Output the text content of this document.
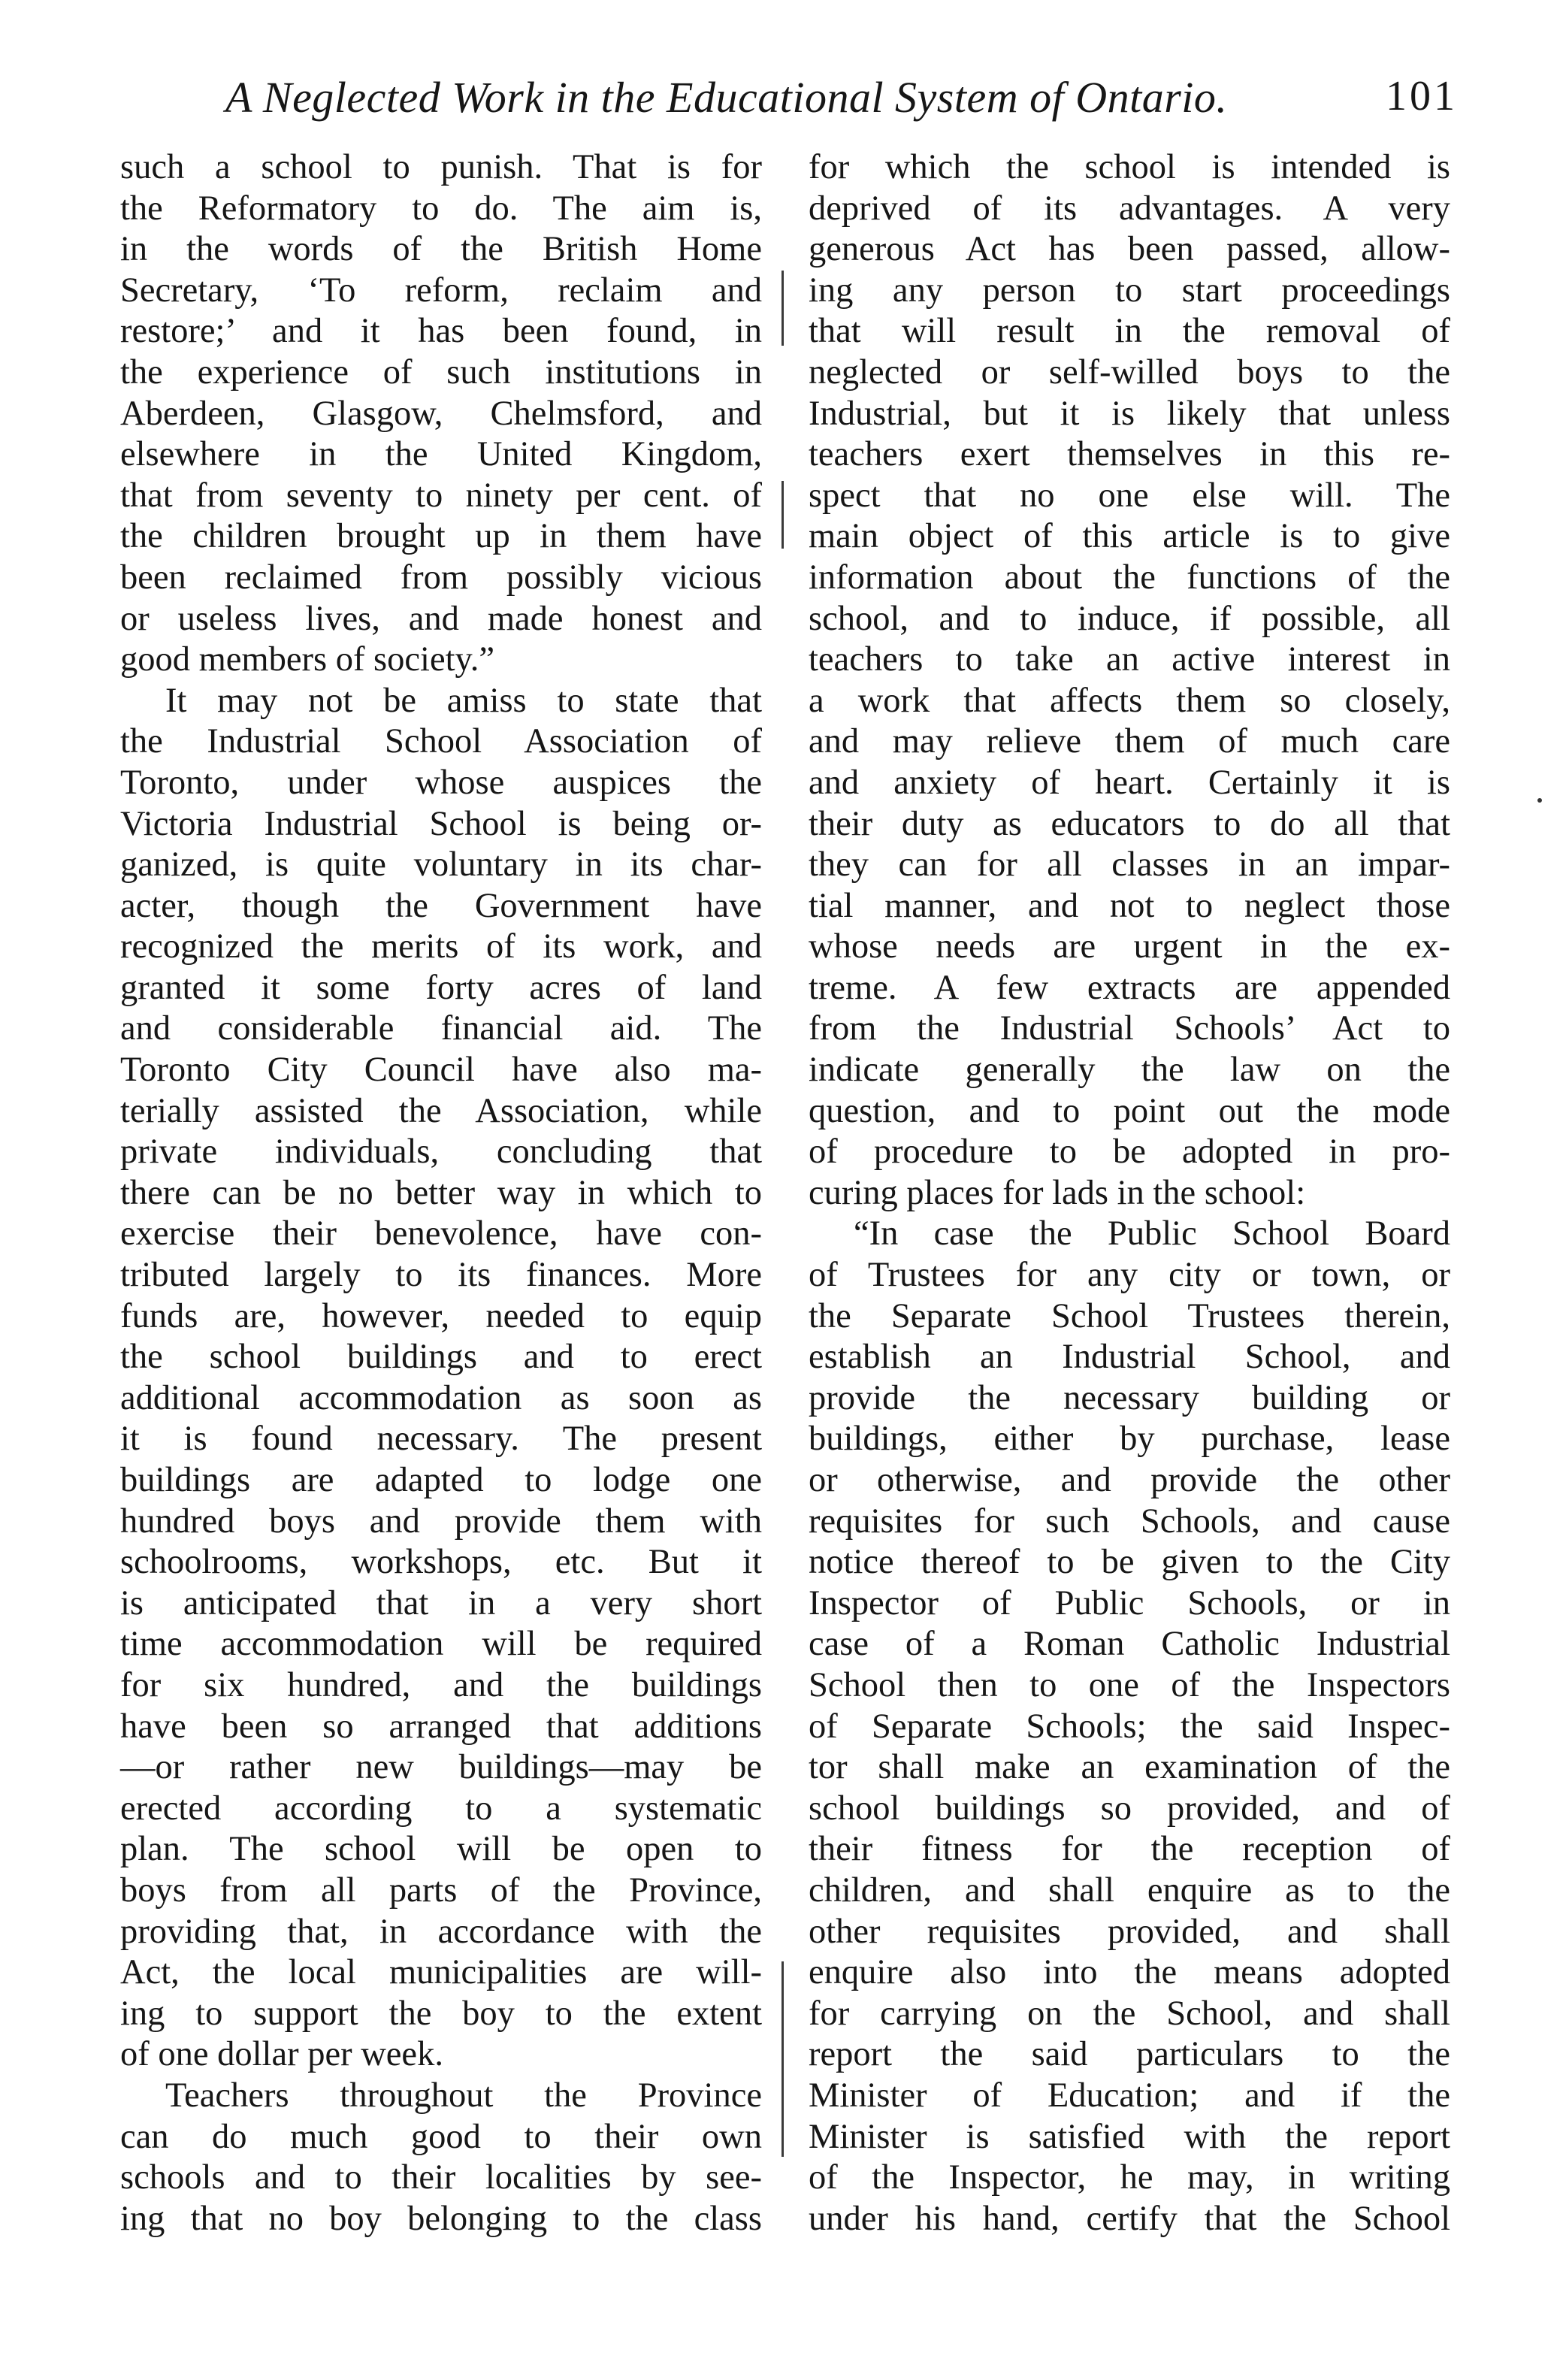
A Neglected Work in the Educational System of Ontario.	101
such a school to punish. That is for
the Reformatory to do. The aim is,
in the words of the British Home
Secretary, ‘To reform, reclaim and
restore;’ and it has been found, in
the experience of such institutions in
Aberdeen, Glasgow, Chelmsford, and
elsewhere in the United Kingdom,
that from seventy to ninety per cent. of
the children brought up in them have
been reclaimed from possibly vicious
or useless lives, and made honest and
good members of society.”
It may not be amiss to state that
the Industrial School Association of
Toronto, under whose auspices the
Victoria Industrial School is being or-
ganized, is quite voluntary in its char-
acter, though the Government have
recognized the merits of its work, and
granted it some forty acres of land
and considerable financial aid. The
Toronto City Council have also ma-
terially assisted the Association, while
private individuals, concluding that
there can be no better way in which to
exercise their benevolence, have con-
tributed largely to its finances. More
funds are, however, needed to equip
the school buildings and to erect
additional accommodation as soon as
it is found necessary. The present
buildings are adapted to lodge one
hundred boys and provide them with
schoolrooms, workshops, etc. But it
is anticipated that in a very short
time accommodation will be required
for six hundred, and the buildings
have been so arranged that additions
—or rather new buildings—may be
erected according to a systematic
plan. The school will be open to
boys from all parts of the Province,
providing that, in accordance with the
Act, the local municipalities are will-
ing to support the boy to the extent
of one dollar per week.
Teachers throughout the Province
can do much good to their own
schools and to their localities by see-
ing that no boy belonging to the class
for which the school is intended is
deprived of its advantages. A very
generous Act has been passed, allow-
ing any person to start proceedings
that will result in the removal of
neglected or self-willed boys to the
Industrial, but it is likely that unless
teachers exert themselves in this re-
spect that no one else will. The
main object of this article is to give
information about the functions of the
school, and to induce, if possible, all
teachers to take an active interest in
a work that affects them so closely,
and may relieve them of much care
and anxiety of heart. Certainly it is
their duty as educators to do all that
they can for all classes in an impar-
tial manner, and not to neglect those
whose needs are urgent in the ex-
treme. A few extracts are appended
from the Industrial Schools’ Act to
indicate generally the law on the
question, and to point out the mode
of procedure to be adopted in pro-
curing places for lads in the school:
“In case the Public School Board
of Trustees for any city or town, or
the Separate School Trustees therein,
establish an Industrial School, and
provide the necessary building or
buildings, either by purchase, lease
or otherwise, and provide the other
requisites for such Schools, and cause
notice thereof to be given to the City
Inspector of Public Schools, or in
case of a Roman Catholic Industrial
School then to one of the Inspectors
of Separate Schools; the said Inspec-
tor shall make an examination of the
school buildings so provided, and of
their fitness for the reception of
children, and shall enquire as to the
other requisites provided, and shall
enquire also into the means adopted
for carrying on the School, and shall
report the said particulars to the
Minister of Education; and if the
Minister is satisfied with the report
of the Inspector, he may, in writing
under his hand, certify that the School
